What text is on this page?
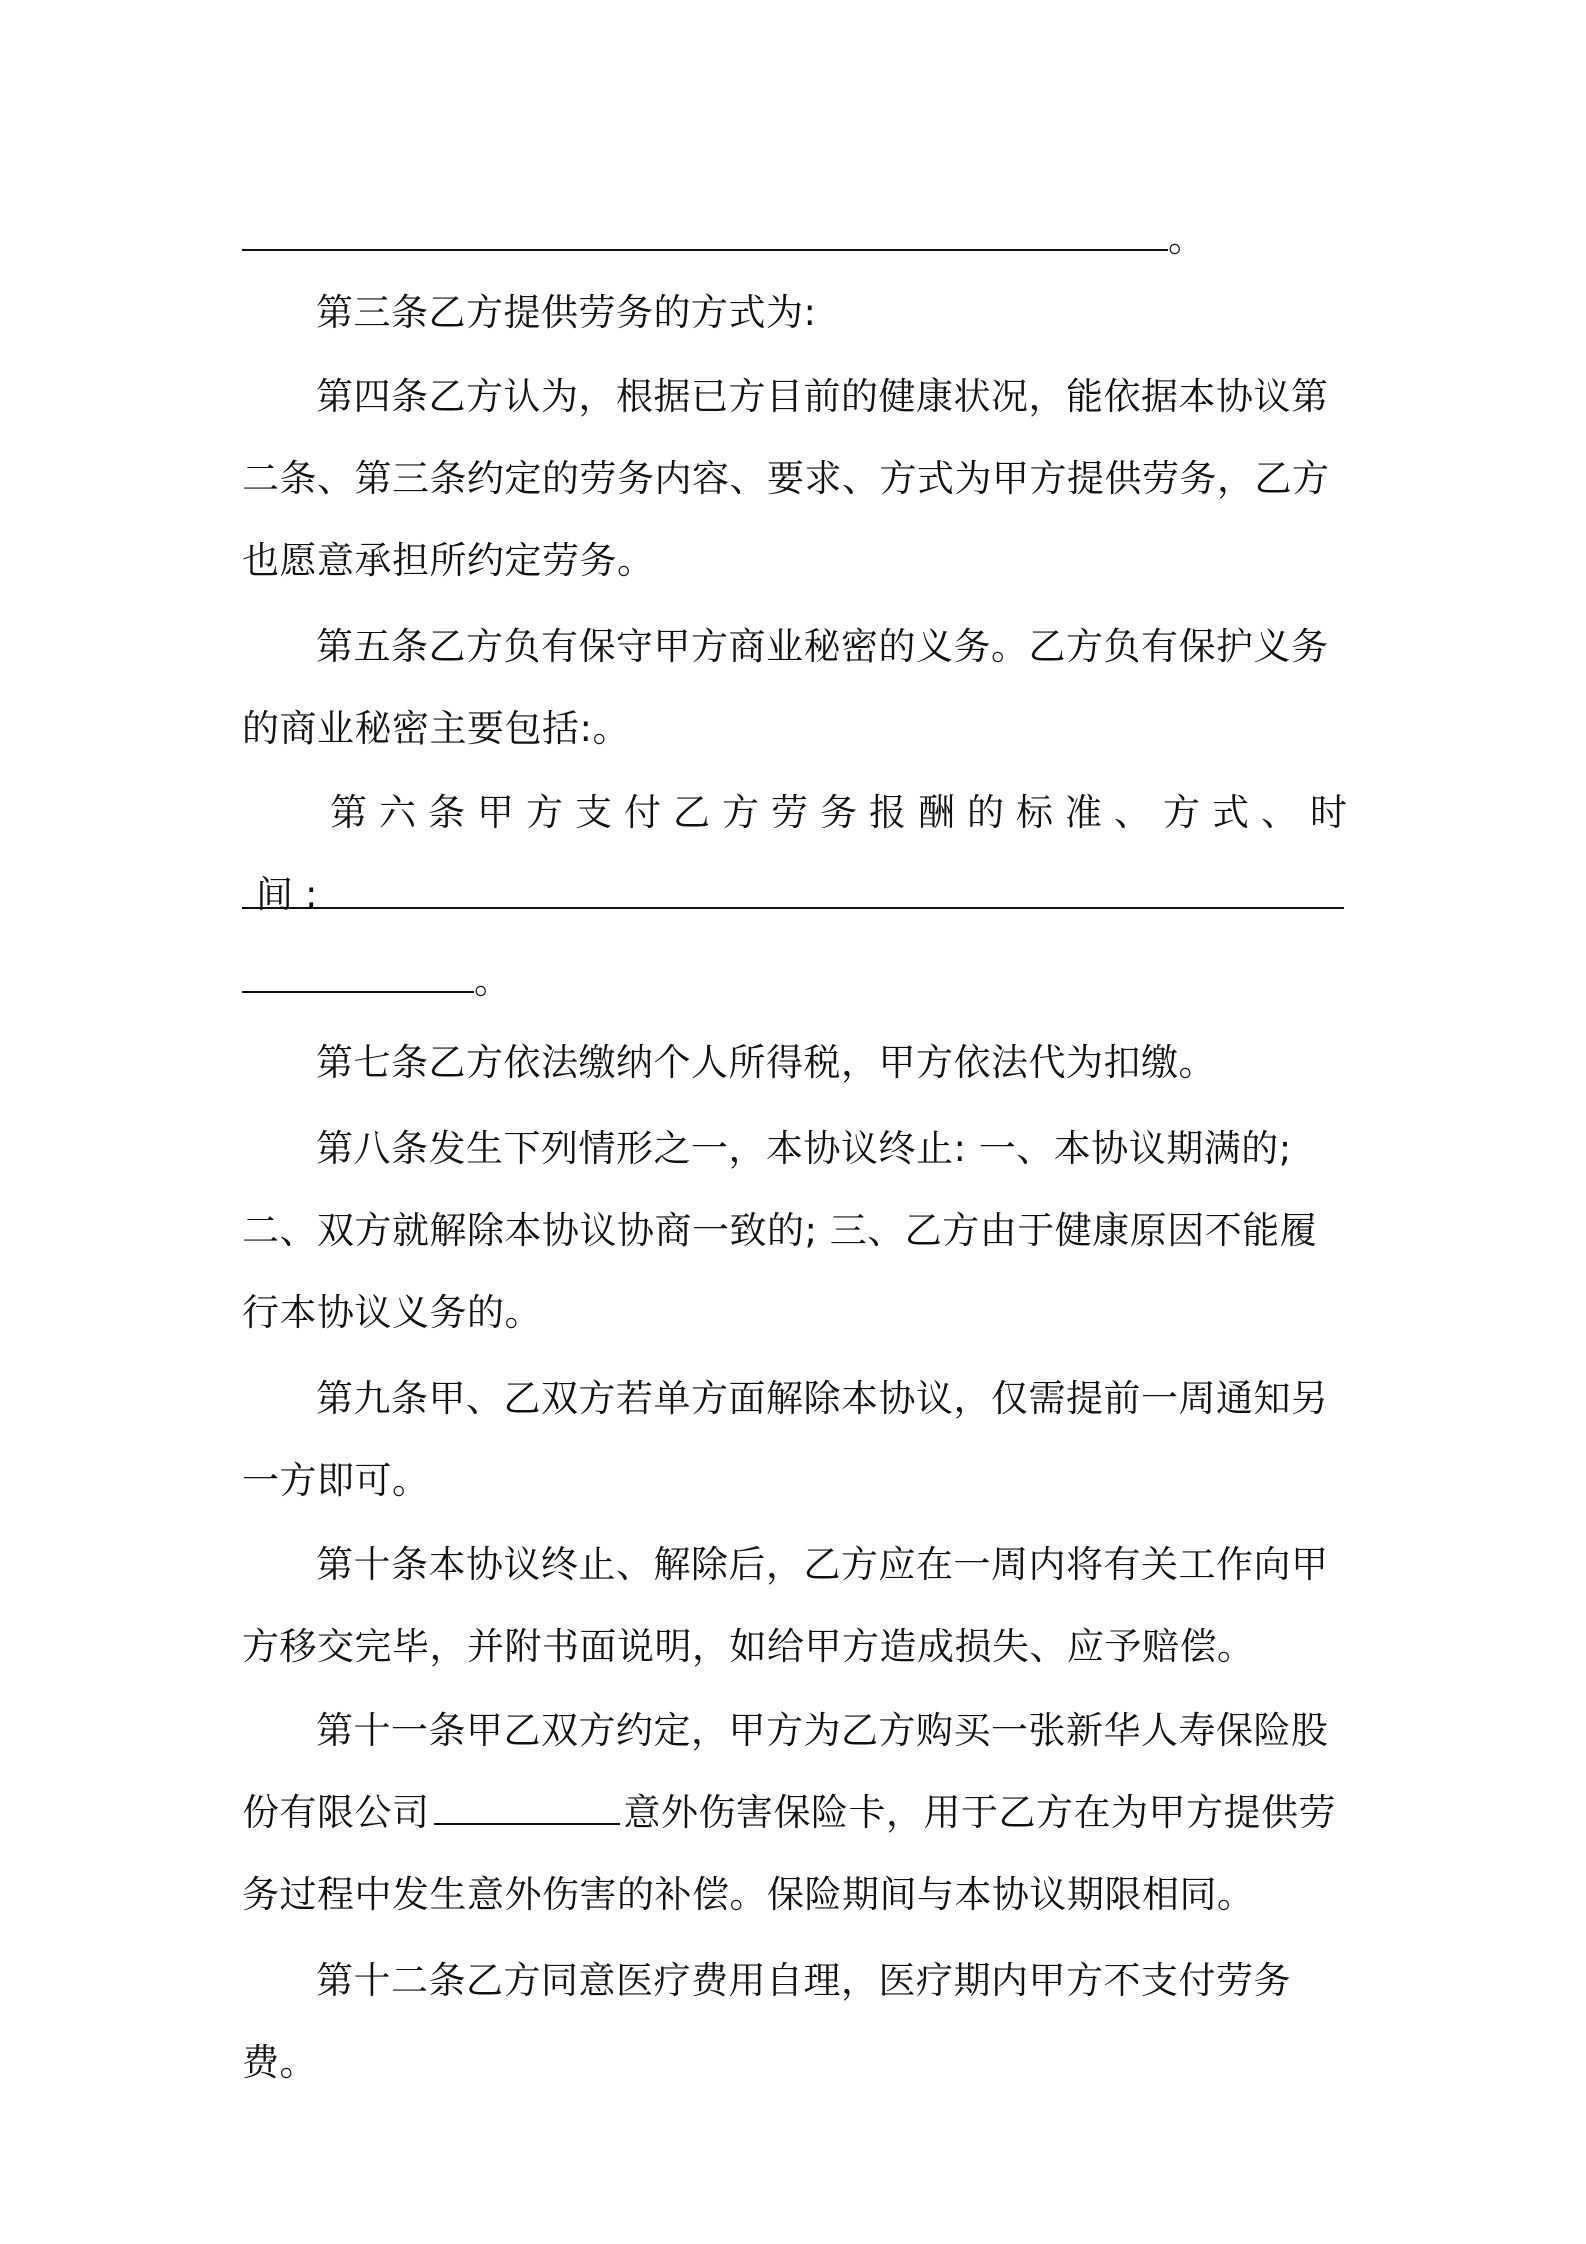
。

第三条乙方提供劳务的方式为:

第四条乙方认为，根据已方目前的健康状况，能依据本协议第二条、第三条约定的劳务内容、要求、方式为甲方提供劳务，乙方也愿意承担所约定劳务。

第五条乙方负有保守甲方商业秘密的义务。乙方负有保护义务的商业秘密主要包括:。

第六条甲方支付乙方劳务报酬的标准、方式、时间:

。

第七条乙方依法缴纳个人所得税，甲方依法代为扣缴。

第八条发生下列情形之一，本协议终止: 一、本协议期满的; 二、双方就解除本协议协商一致的; 三、乙方由于健康原因不能履行本协议义务的。

第九条甲、乙双方若单方面解除本协议，仅需提前一周通知另一方即可。

第十条本协议终止、解除后，乙方应在一周内将有关工作向甲方移交完毕，并附书面说明，如给甲方造成损失、应予赔偿。

第十一条甲乙双方约定，甲方为乙方购买一张新华人寿保险股份有限公司	意外伤害保险卡，用于乙方在为甲方提供劳务过程中发生意外伤害的补偿。保险期间与本协议期限相同。

第十二条乙方同意医疗费用自理，医疗期内甲方不支付劳务费。
